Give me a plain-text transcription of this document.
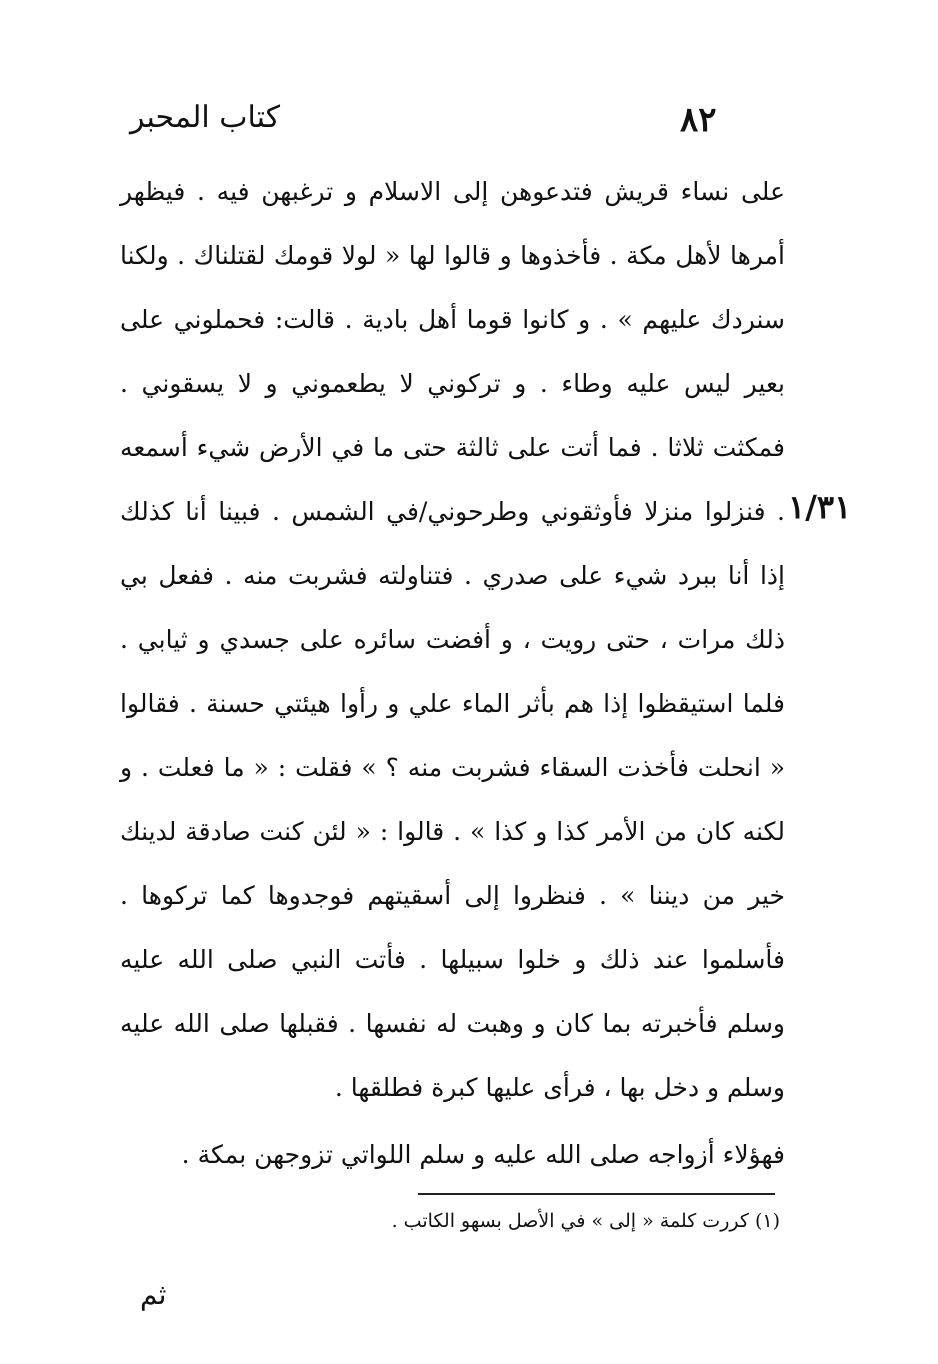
كتاب المحبر	٨٢
١/٣١

على نساء قريش فتدعوهن إلى الاسلام و ترغبهن فيه . فيظهر أمرها لأهل مكة . فأخذوها و قالوا لها « لولا قومك لقتلناك . ولكنا سنردك عليهم » . و كانوا قوما أهل بادية . قالت: فحملوني على بعير ليس عليه وطاء . و تركوني لا يطعموني و لا يسقوني . فمكثت ثلاثا . فما أتت على ثالثة حتى ما في الأرض شيء أسمعه . فنزلوا منزلا فأوثقوني وطرحوني/في الشمس . فبينا أنا كذلك إذا أنا ببرد شيء على صدري . فتناولته فشربت منه . ففعل بي ذلك مرات ، حتى رويت ، و أفضت سائره على جسدي و ثيابي . فلما استيقظوا إذا هم بأثر الماء علي و رأوا هيئتي حسنة . فقالوا « انحلت فأخذت السقاء فشربت منه ؟ » فقلت : « ما فعلت . و لكنه كان من الأمر كذا و كذا » . قالوا : « لئن كنت صادقة لدينك خير من ديننا » . فنظروا إلى أسقيتهم فوجدوها كما تركوها . فأسلموا عند ذلك و خلوا سبيلها . فأتت النبي صلى الله عليه وسلم فأخبرته بما كان و وهبت له نفسها . فقبلها صلى الله عليه وسلم و دخل بها ، فرأى عليها كبرة فطلقها .

فهؤلاء أزواجه صلى الله عليه و سلم اللواتي تزوجهن بمكة .
(١) كررت كلمة « إلى » في الأصل بسهو الكاتب .
ثم
